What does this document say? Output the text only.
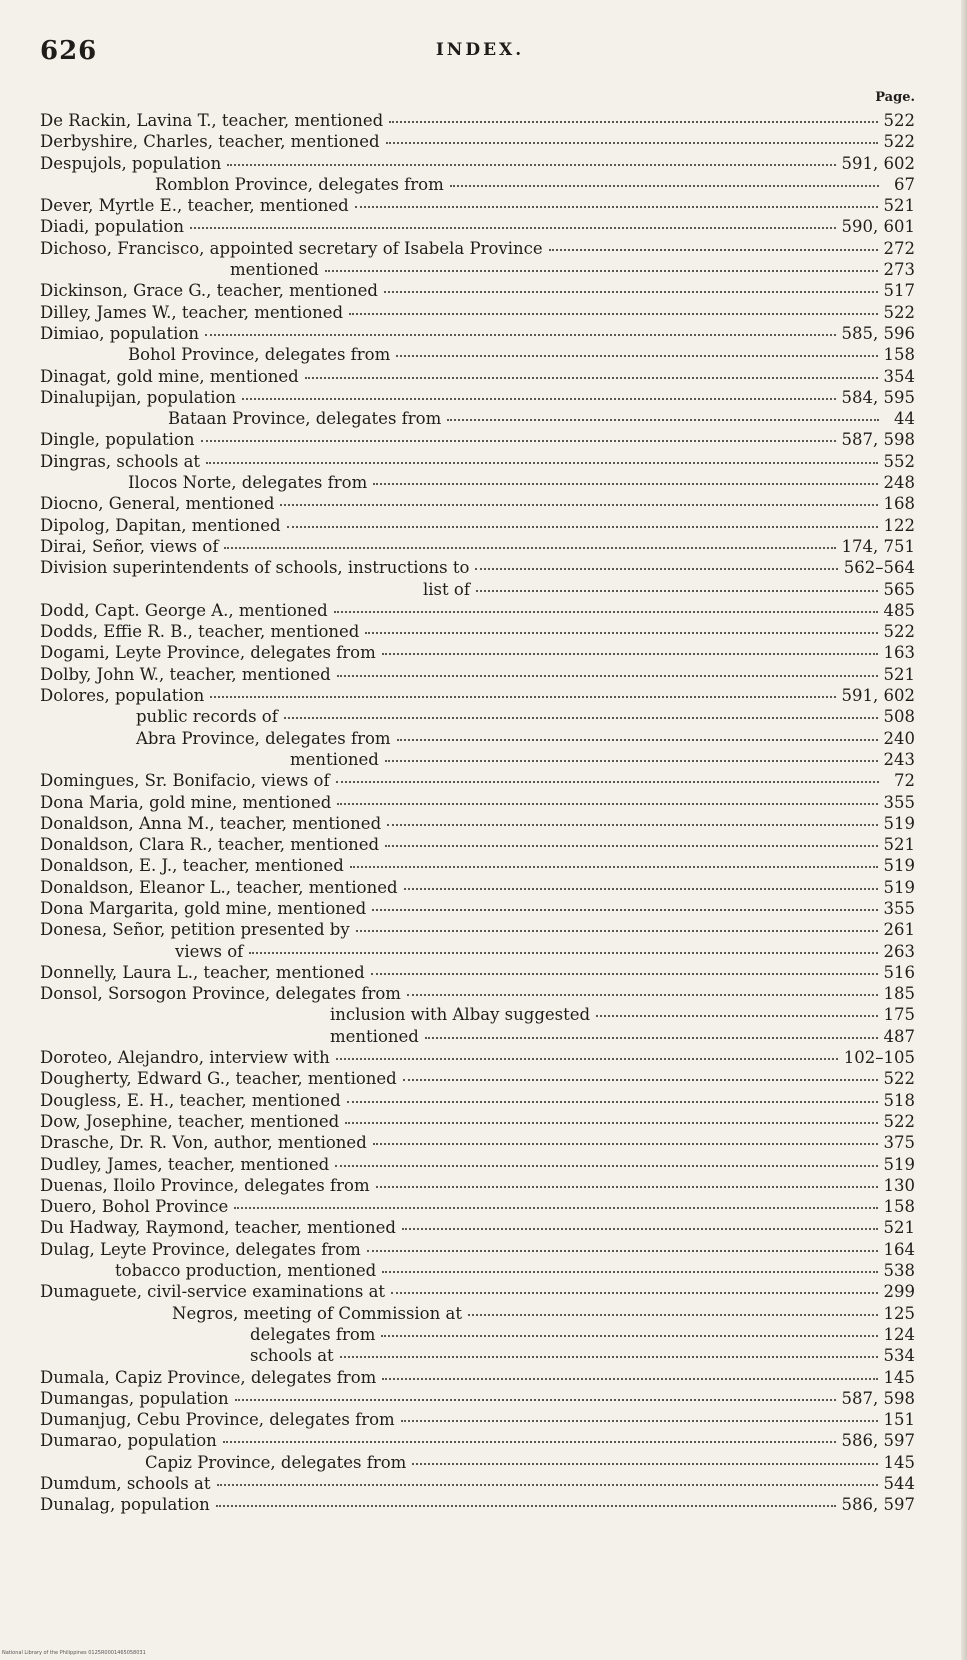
626	INDEX.
Page.
De Rackin, Lavina T., teacher, mentioned	522
Derbyshire, Charles, teacher, mentioned	522
Despujols, population	591, 602
Romblon Province, delegates from	67
Dever, Myrtle E., teacher, mentioned	521
Diadi, population	590, 601
Dichoso, Francisco, appointed secretary of Isabela Province	272
mentioned	273
Dickinson, Grace G., teacher, mentioned	517
Dilley, James W., teacher, mentioned	522
Dimiao, population	585, 596
Bohol Province, delegates from	158
Dinagat, gold mine, mentioned	354
Dinalupijan, population	584, 595
Bataan Province, delegates from	44
Dingle, population	587, 598
Dingras, schools at	552
Ilocos Norte, delegates from	248
Diocno, General, mentioned	168
Dipolog, Dapitan, mentioned	122
Dirai, Señor, views of	174, 751
Division superintendents of schools, instructions to	562–564
list of	565
Dodd, Capt. George A., mentioned	485
Dodds, Effie R. B., teacher, mentioned	522
Dogami, Leyte Province, delegates from	163
Dolby, John W., teacher, mentioned	521
Dolores, population	591, 602
public records of	508
Abra Province, delegates from	240
mentioned	243
Domingues, Sr. Bonifacio, views of	72
Dona Maria, gold mine, mentioned	355
Donaldson, Anna M., teacher, mentioned	519
Donaldson, Clara R., teacher, mentioned	521
Donaldson, E. J., teacher, mentioned	519
Donaldson, Eleanor L., teacher, mentioned	519
Dona Margarita, gold mine, mentioned	355
Donesa, Señor, petition presented by	261
views of	263
Donnelly, Laura L., teacher, mentioned	516
Donsol, Sorsogon Province, delegates from	185
inclusion with Albay suggested	175
mentioned	487
Doroteo, Alejandro, interview with	102–105
Dougherty, Edward G., teacher, mentioned	522
Dougless, E. H., teacher, mentioned	518
Dow, Josephine, teacher, mentioned	522
Drasche, Dr. R. Von, author, mentioned	375
Dudley, James, teacher, mentioned	519
Duenas, Iloilo Province, delegates from	130
Duero, Bohol Province	158
Du Hadway, Raymond, teacher, mentioned	521
Dulag, Leyte Province, delegates from	164
tobacco production, mentioned	538
Dumaguete, civil-service examinations at	299
Negros, meeting of Commission at	125
delegates from	124
schools at	534
Dumala, Capiz Province, delegates from	145
Dumangas, population	587, 598
Dumanjug, Cebu Province, delegates from	151
Dumarao, population	586, 597
Capiz Province, delegates from	145
Dumdum, schools at	544
Dunalag, population	586, 597
National Library of the Philippines 0125R0001465058031
